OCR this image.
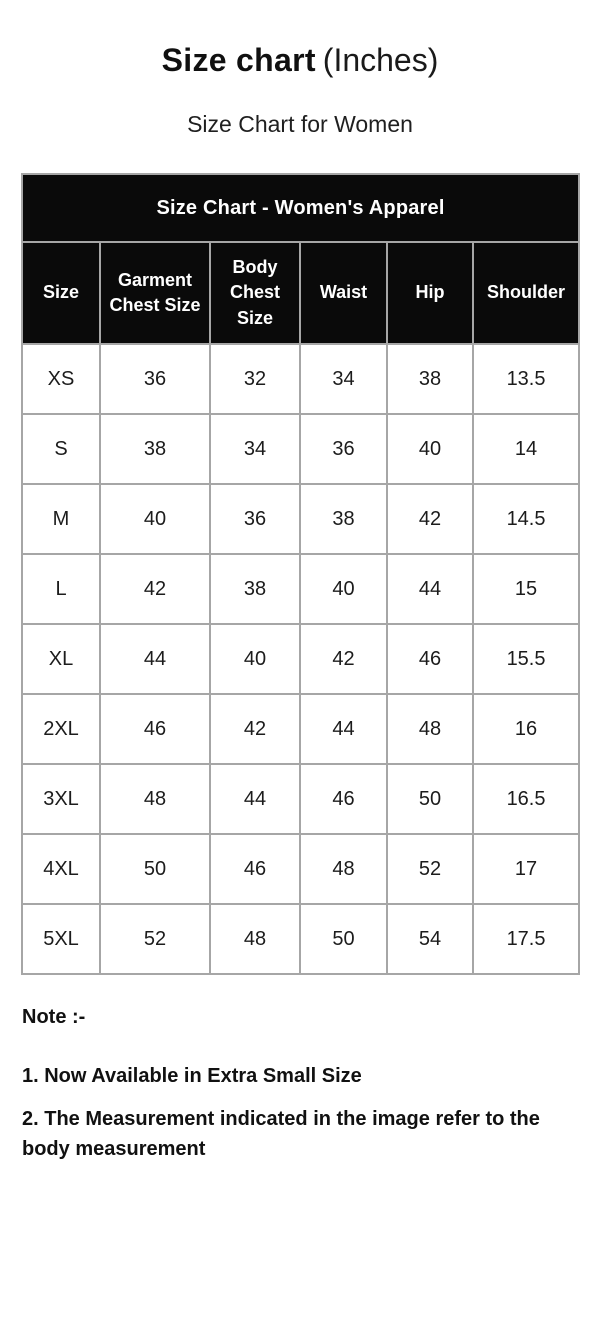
Size chart (Inches)
Size Chart for Women
Size Chart - Women's Apparel					
Size	Garment Chest Size	Body Chest Size	Waist	Hip	Shoulder
XS	36	32	34	38	13.5
S	38	34	36	40	14
M	40	36	38	42	14.5
L	42	38	40	44	15
XL	44	40	42	46	15.5
2XL	46	42	44	48	16
3XL	48	44	46	50	16.5
4XL	50	46	48	52	17
5XL	52	48	50	54	17.5

Note :-

1. Now Available in Extra Small Size

2. The Measurement indicated in the image refer to the body measurement
